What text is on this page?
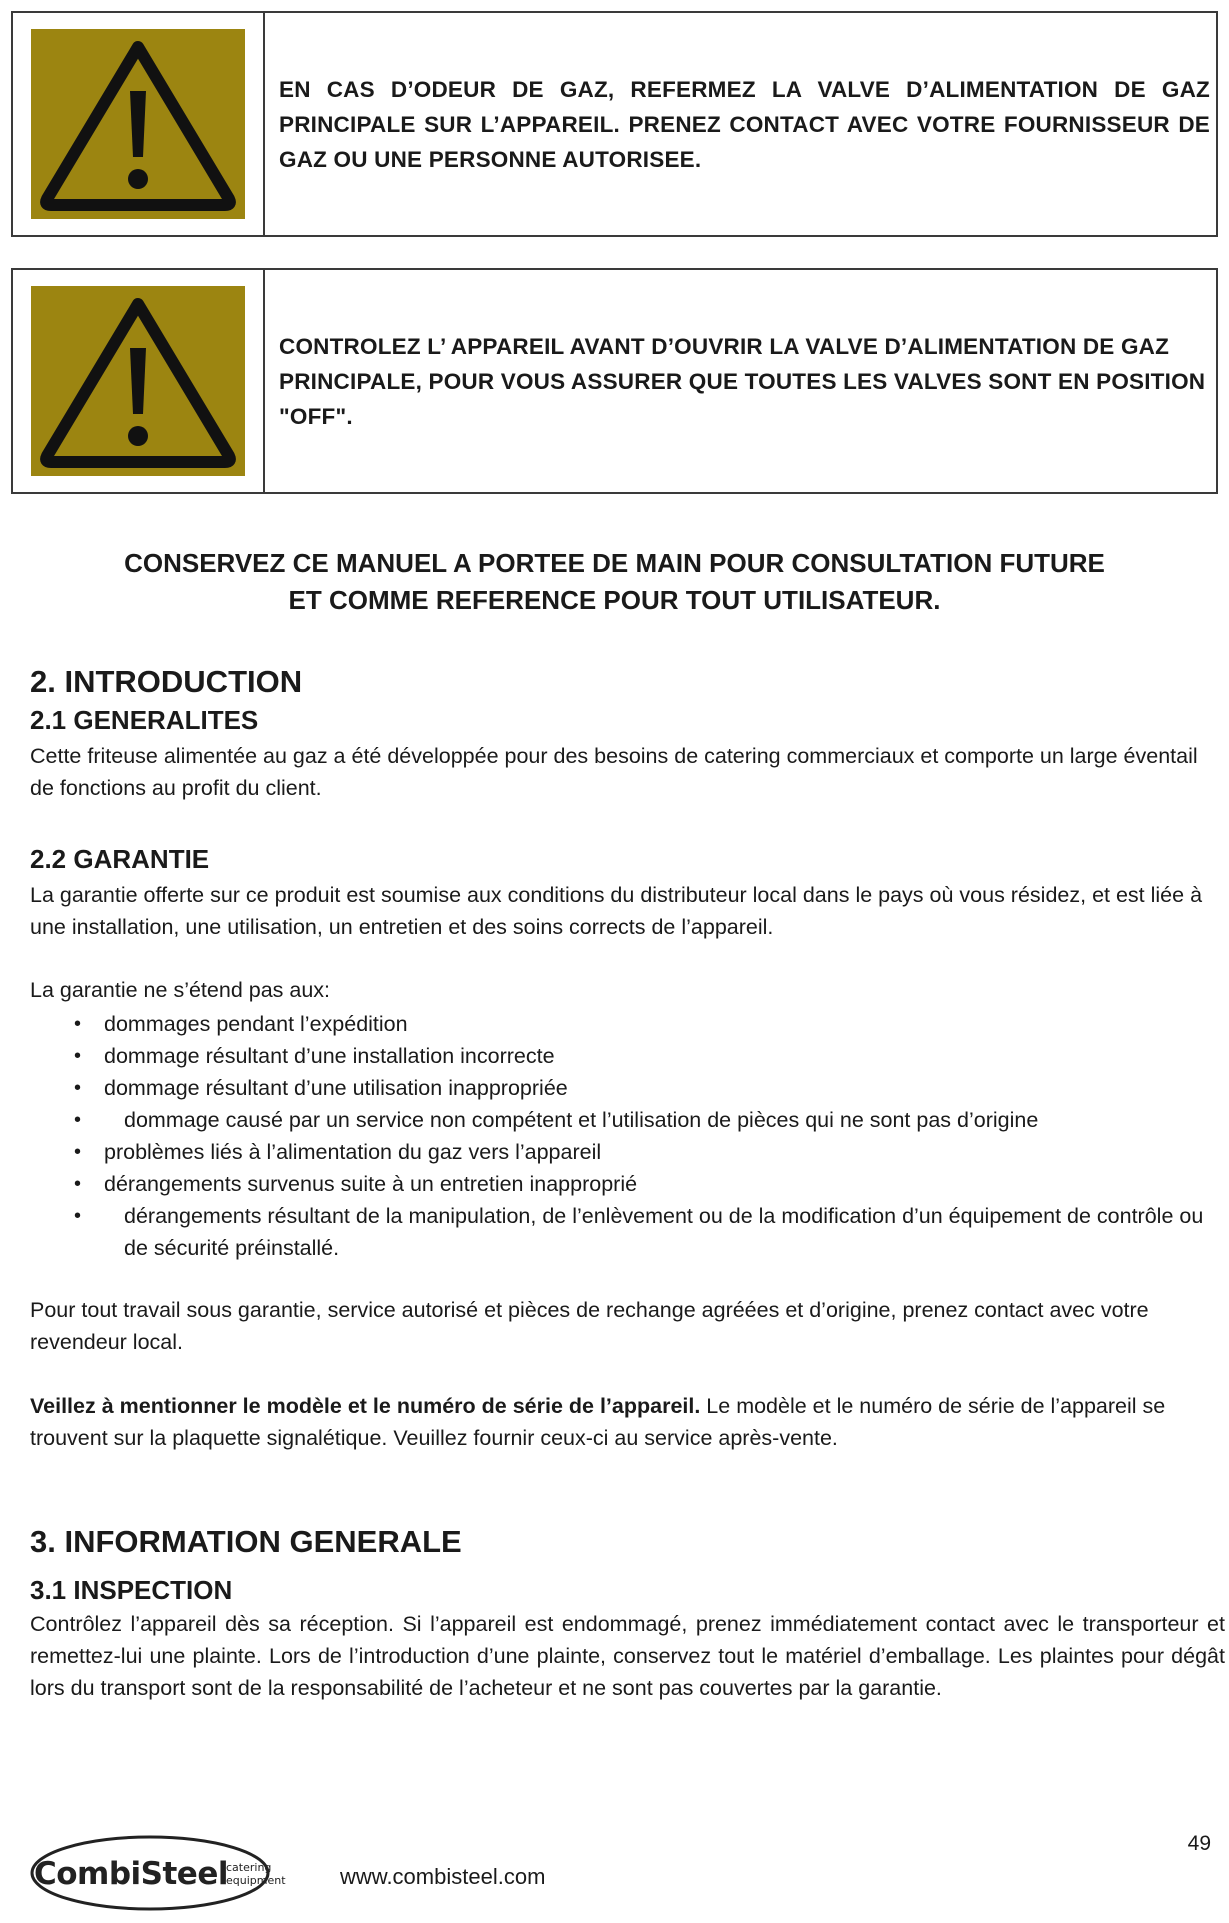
EN CAS D’ODEUR DE GAZ, REFERMEZ LA VALVE D’ALIMENTATION DE GAZ PRINCIPALE SUR L’APPAREIL. PRENEZ CONTACT AVEC VOTRE FOURNISSEUR DE GAZ OU UNE PERSONNE AUTORISEE.
CONTROLEZ L’ APPAREIL AVANT D’OUVRIR LA VALVE D’ALIMENTATION DE GAZ PRINCIPALE, POUR VOUS ASSURER QUE TOUTES LES VALVES SONT EN POSITION "OFF".
CONSERVEZ CE MANUEL A PORTEE DE MAIN POUR CONSULTATION FUTURE
ET COMME REFERENCE POUR TOUT UTILISATEUR.
2. INTRODUCTION
2.1 GENERALITES

Cette friteuse alimentée au gaz a été développée pour des besoins de catering commerciaux et comporte un large éventail de fonctions au profit du client.

2.2 GARANTIE

La garantie offerte sur ce produit est soumise aux conditions du distributeur local dans le pays où vous résidez, et est liée à une installation, une utilisation, un entretien et des soins corrects de l’appareil.

La garantie ne s’étend pas aux:

• dommages pendant l’expédition
• dommage résultant d’une installation incorrecte
• dommage résultant d’une utilisation inappropriée
• dommage causé par un service non compétent et l’utilisation de pièces qui ne sont pas d’origine
• problèmes liés à l’alimentation du gaz vers l’appareil
• dérangements survenus suite à un entretien inapproprié
• dérangements résultant de la manipulation, de l’enlèvement ou de la modification d’un équipement de contrôle ou de sécurité préinstallé.

Pour tout travail sous garantie, service autorisé et pièces de rechange agréées et d’origine, prenez contact avec votre revendeur local.

Veillez à mentionner le modèle et le numéro de série de l’appareil. Le modèle et le numéro de série de l’appareil se trouvent sur la plaquette signalétique. Veuillez fournir ceux-ci au service après-vente.

3. INFORMATION GENERALE
3.1 INSPECTION

Contrôlez l’appareil dès sa réception. Si l’appareil est endommagé, prenez immédiatement contact avec le transporteur et remettez-lui une plainte. Lors de l’introduction d’une plainte, conservez tout le matériel d’emballage. Les plaintes pour dégât lors du transport sont de la responsabilité de l’acheteur et ne sont pas couvertes par la garantie.

CombiSteel
catering
equipment www.combisteel.com
49
